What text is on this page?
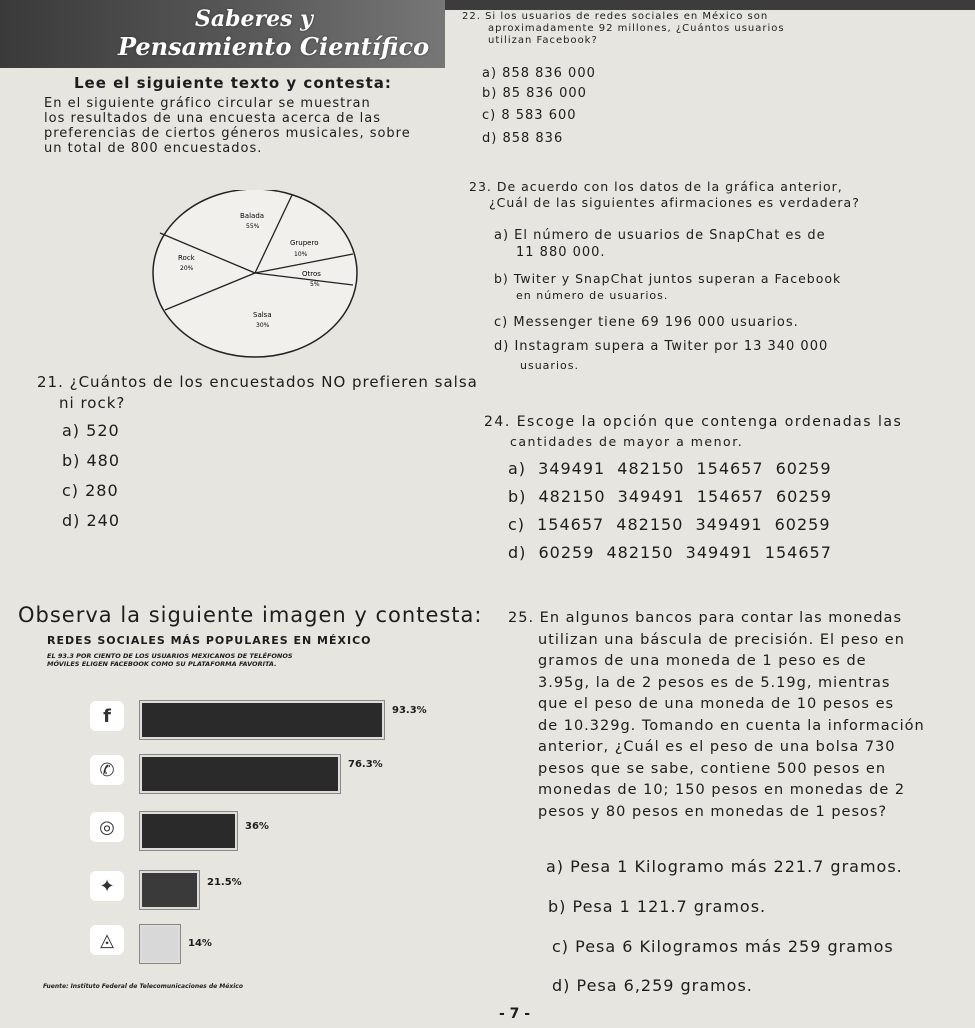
Saberes y
Pensamiento Científico
Lee el siguiente texto y contesta:
En el siguiente gráfico circular se muestran
los resultados de una encuesta acerca de las
preferencias de ciertos géneros musicales, sobre
un total de 800 encuestados.
Balada
55%
Grupero
10%
Rock
20%
Otros
5%
Salsa
30%
21. ¿Cuántos de los encuestados NO prefieren salsa
ni rock?
a) 520
b) 480
c) 280
d) 240
22. Si los usuarios de redes sociales en México son
aproximadamente 92 millones, ¿Cuántos usuarios
utilizan Facebook?
a) 858 836 000
b) 85 836 000
c) 8 583 600
d) 858 836
23. De acuerdo con los datos de la gráfica anterior,
¿Cuál de las siguientes afirmaciones es verdadera?
a) El número de usuarios de SnapChat es de
11 880 000.
b) Twiter y SnapChat juntos superan a Facebook
en número de usuarios.
c) Messenger tiene 69 196 000 usuarios.
d) Instagram supera a Twiter por 13 340 000
usuarios.
24. Escoge la opción que contenga ordenadas las
cantidades de mayor a menor.
a) 349491 482150 154657 60259
b) 482150 349491 154657 60259
c) 154657 482150 349491 60259
d) 60259 482150 349491 154657
Observa la siguiente imagen y contesta:
REDES SOCIALES MÁS POPULARES EN MÉXICO
EL 93.3 POR CIENTO DE LOS USUARIOS MEXICANOS DE TELÉFONOS
MÓVILES ELIGEN FACEBOOK COMO SU PLATAFORMA FAVORITA.
f
✆
◎
✦
◬
93.3%
76.3%
36%
21.5%
14%
Fuente: Instituto Federal de Telecomunicaciones de México
25. En algunos bancos para contar las monedas
utilizan una báscula de precisión. El peso en
gramos de una moneda de 1 peso es de
3.95g, la de 2 pesos es de 5.19g, mientras
que el peso de una moneda de 10 pesos es
de 10.329g. Tomando en cuenta la información
anterior, ¿Cuál es el peso de una bolsa 730
pesos que se sabe, contiene 500 pesos en
monedas de 10; 150 pesos en monedas de 2
pesos y 80 pesos en monedas de 1 pesos?
a) Pesa 1 Kilogramo más 221.7 gramos.
b) Pesa 1 121.7 gramos.
c) Pesa 6 Kilogramos más 259 gramos
d) Pesa 6,259 gramos.
- 7 -
